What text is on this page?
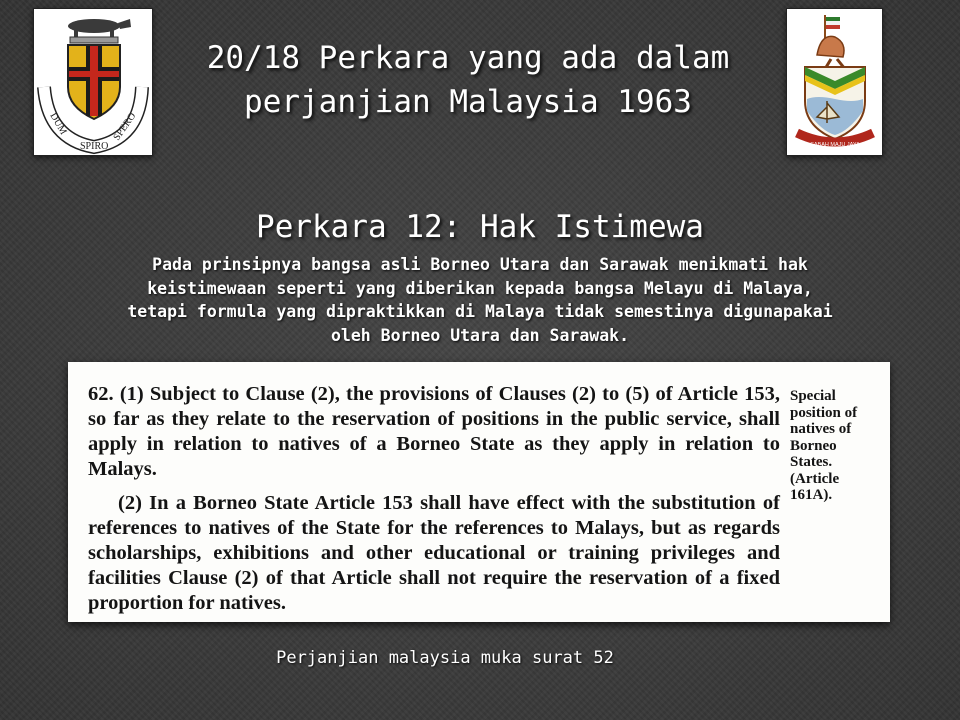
DUM
SPIRO
SPERO
20/18 Perkara yang ada dalam
perjanjian Malaysia 1963
SABAH MAJU JAYA
Perkara 12: Hak Istimewa
Pada prinsipnya bangsa asli Borneo Utara dan Sarawak menikmati hak
keistimewaan seperti yang diberikan kepada bangsa Melayu di Malaya,
tetapi formula yang dipraktikkan di Malaya tidak semestinya digunapakai
oleh Borneo Utara dan Sarawak.

62. (1) Subject to Clause (2), the provisions of Clauses (2) to (5) of Article 153, so far as they relate to the reservation of positions in the public service, shall apply in relation to natives of a Borneo State as they apply in relation to Malays.

(2) In a Borneo State Article 153 shall have effect with the substitution of references to natives of the State for the references to Malays, but as regards scholarships, exhibitions and other educational or training privileges and facilities Clause (2) of that Article shall not require the reservation of a fixed proportion for natives.

Special
position of
natives of
Borneo
States.
(Article
161A).
Perjanjian malaysia muka surat 52
